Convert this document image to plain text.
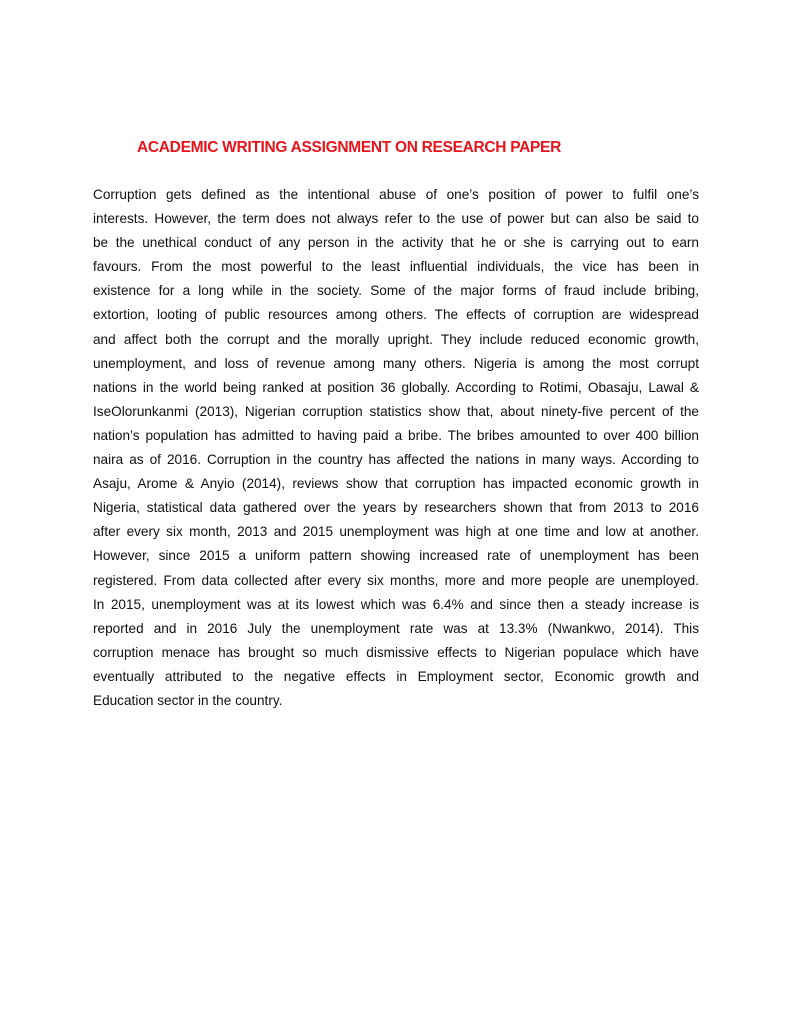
ACADEMIC WRITING ASSIGNMENT ON RESEARCH PAPER
Corruption gets defined as the intentional abuse of one’s position of power to fulfil one’s
interests. However, the term does not always refer to the use of power but can also be said to
be the unethical conduct of any person in the activity that he or she is carrying out to earn
favours. From the most powerful to the least influential individuals, the vice has been in
existence for a long while in the society. Some of the major forms of fraud include bribing,
extortion, looting of public resources among others. The effects of corruption are widespread
and affect both the corrupt and the morally upright. They include reduced economic growth,
unemployment, and loss of revenue among many others. Nigeria is among the most corrupt
nations in the world being ranked at position 36 globally. According to Rotimi, Obasaju, Lawal &
IseOlorunkanmi (2013), Nigerian corruption statistics show that, about ninety-five percent of the
nation’s population has admitted to having paid a bribe. The bribes amounted to over 400 billion
naira as of 2016. Corruption in the country has affected the nations in many ways. According to
Asaju, Arome & Anyio (2014), reviews show that corruption has impacted economic growth in
Nigeria, statistical data gathered over the years by researchers shown that from 2013 to 2016
after every six month, 2013 and 2015 unemployment was high at one time and low at another.
However, since 2015 a uniform pattern showing increased rate of unemployment has been
registered. From data collected after every six months, more and more people are unemployed.
In 2015, unemployment was at its lowest which was 6.4% and since then a steady increase is
reported and in 2016 July the unemployment rate was at 13.3% (Nwankwo, 2014). This
corruption menace has brought so much dismissive effects to Nigerian populace which have
eventually attributed to the negative effects in Employment sector, Economic growth and
Education sector in the country.
